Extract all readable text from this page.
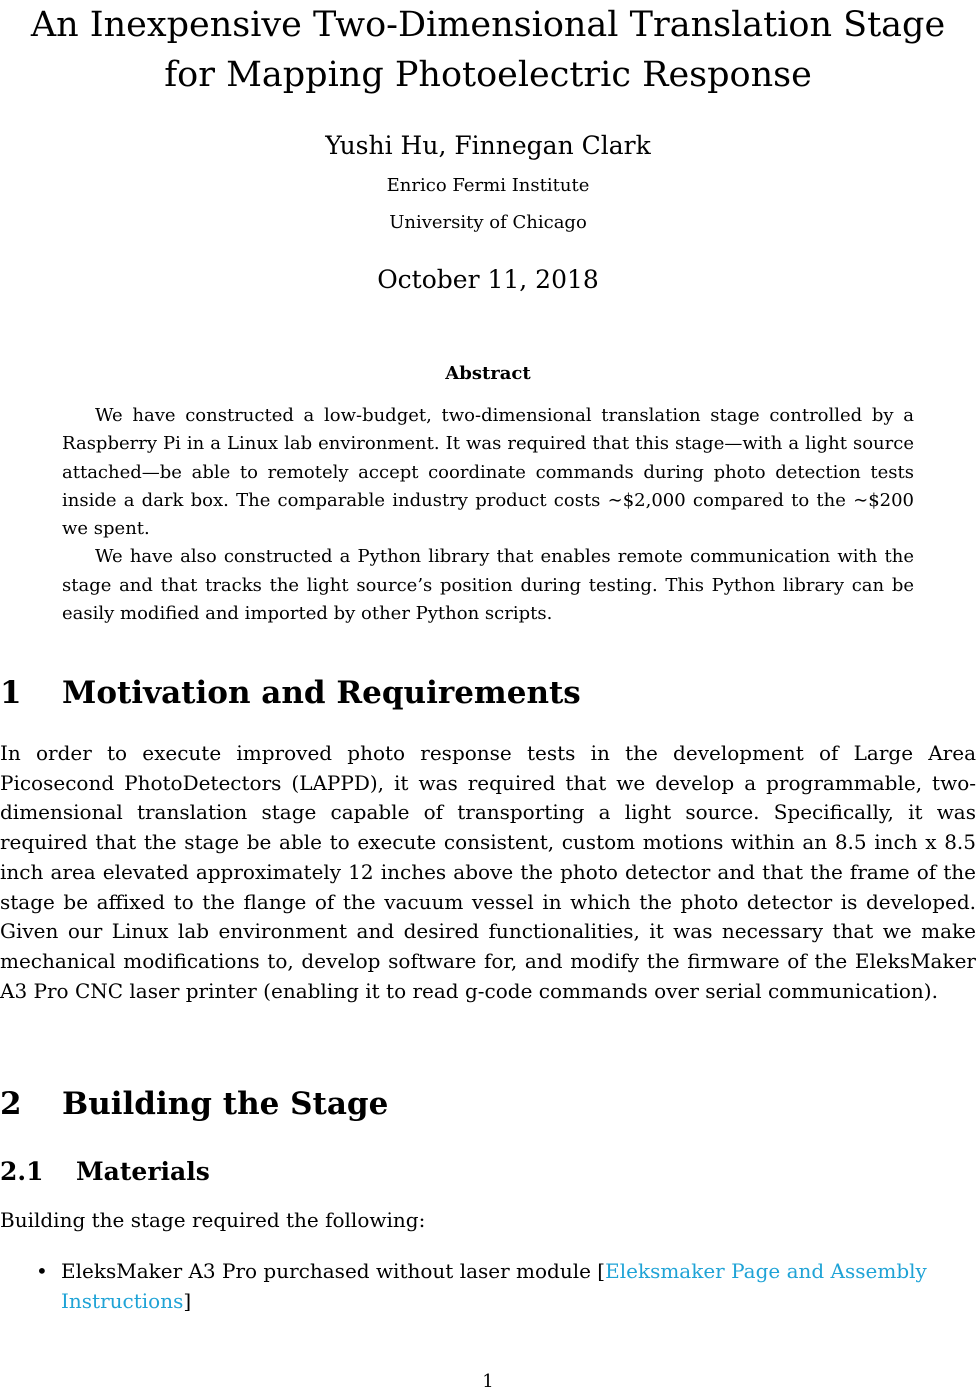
An Inexpensive Two-Dimensional Translation Stage for Mapping Photoelectric Response
Yushi Hu, Finnegan Clark
Enrico Fermi Institute
University of Chicago
October 11, 2018
Abstract

We have constructed a low-budget, two-dimensional translation stage controlled by a Raspberry Pi in a Linux lab environment. It was required that this stage—with a light source attached—be able to remotely accept coordinate commands during photo detection tests inside a dark box. The comparable industry product costs ∼$2,000 compared to the ∼$200 we spent.

We have also constructed a Python library that enables remote communication with the stage and that tracks the light source’s position during testing. This Python library can be easily modified and imported by other Python scripts.

1 Motivation and Requirements

In order to execute improved photo response tests in the development of Large Area Picosecond PhotoDetectors (LAPPD), it was required that we develop a programmable, two-dimensional translation stage capable of transporting a light source. Specifically, it was required that the stage be able to execute consistent, custom motions within an 8.5 inch x 8.5 inch area elevated approximately 12 inches above the photo detector and that the frame of the stage be affixed to the flange of the vacuum vessel in which the photo detector is developed. Given our Linux lab environment and desired functionalities, it was necessary that we make mechanical modifications to, develop software for, and modify the firmware of the EleksMaker A3 Pro CNC laser printer (enabling it to read g-code commands over serial communication).

2 Building the Stage
2.1 Materials

Building the stage required the following:

• EleksMaker A3 Pro purchased without laser module [Eleksmaker Page and Assembly Instructions]
1
